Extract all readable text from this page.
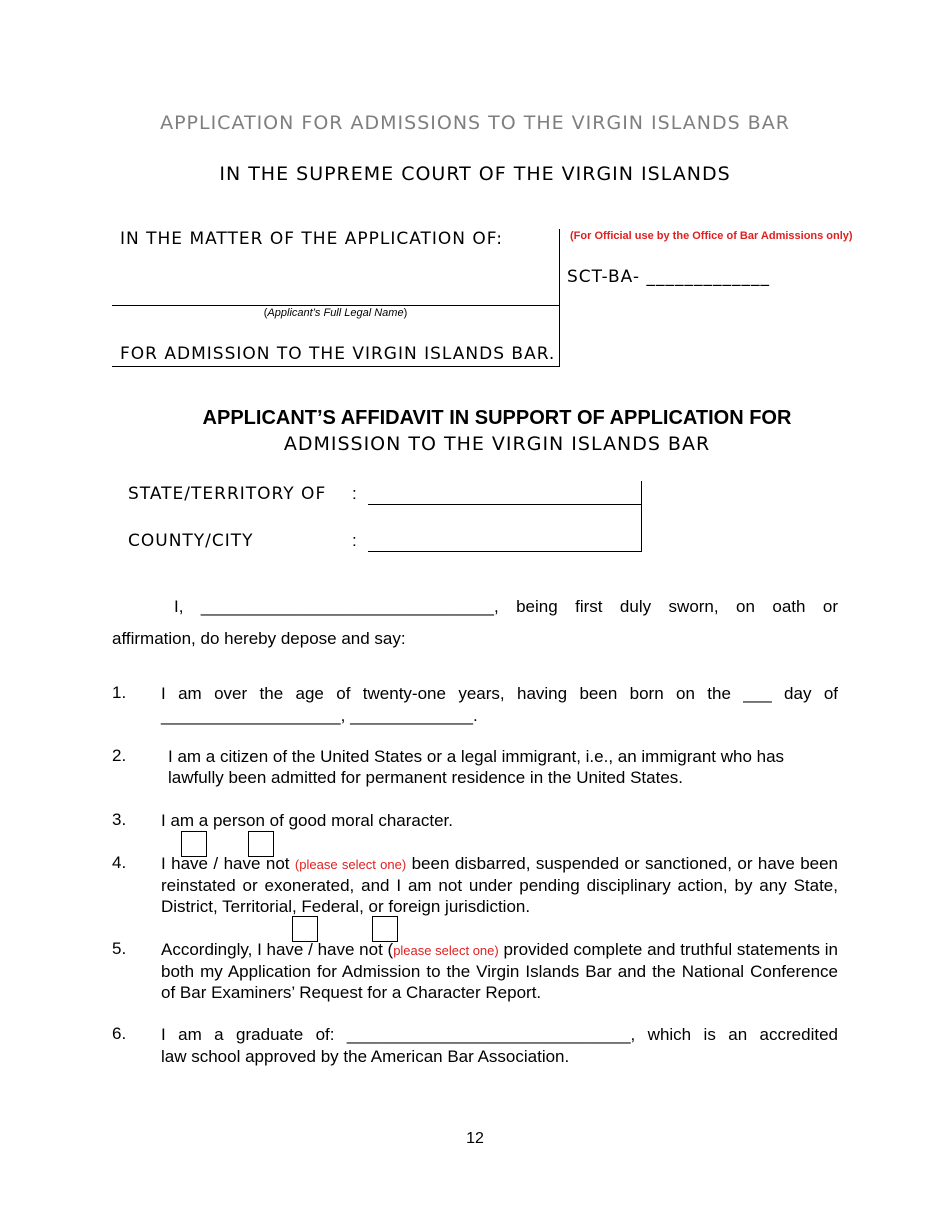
APPLICATION FOR ADMISSIONS TO THE VIRGIN ISLANDS BAR
IN THE SUPREME COURT OF THE VIRGIN ISLANDS
IN THE MATTER OF THE APPLICATION OF:
(Applicant’s Full Legal Name)
FOR ADMISSION TO THE VIRGIN ISLANDS BAR.
(For Official use by the Office of Bar Admissions only)
SCT-BA- _____________
APPLICANT’S AFFIDAVIT IN SUPPORT OF APPLICATION FOR
ADMISSION TO THE VIRGIN ISLANDS BAR
STATE/TERRITORY OF :
COUNTY/CITY	:
I, _______________________________, being first duly sworn, on oath or
affirmation, do hereby depose and say:
1. I am over the age of twenty-one years, having been born on the ___ day of
___________________, _____________.
2. I am a citizen of the United States or a legal immigrant, i.e., an immigrant who has lawfully been admitted for permanent residence in the United States.
3. I am a person of good moral character.
4. I have / have not (please select one) been disbarred, suspended or sanctioned, or have been reinstated or exonerated, and I am not under pending disciplinary action, by any State, District, Territorial, Federal, or foreign jurisdiction.
5. Accordingly, I have / have not (please select one) provided complete and truthful statements in both my Application for Admission to the Virgin Islands Bar and the National Conference of Bar Examiners’ Request for a Character Report.
6. I am a graduate of: ______________________________, which is an accredited
law school approved by the American Bar Association.
12
